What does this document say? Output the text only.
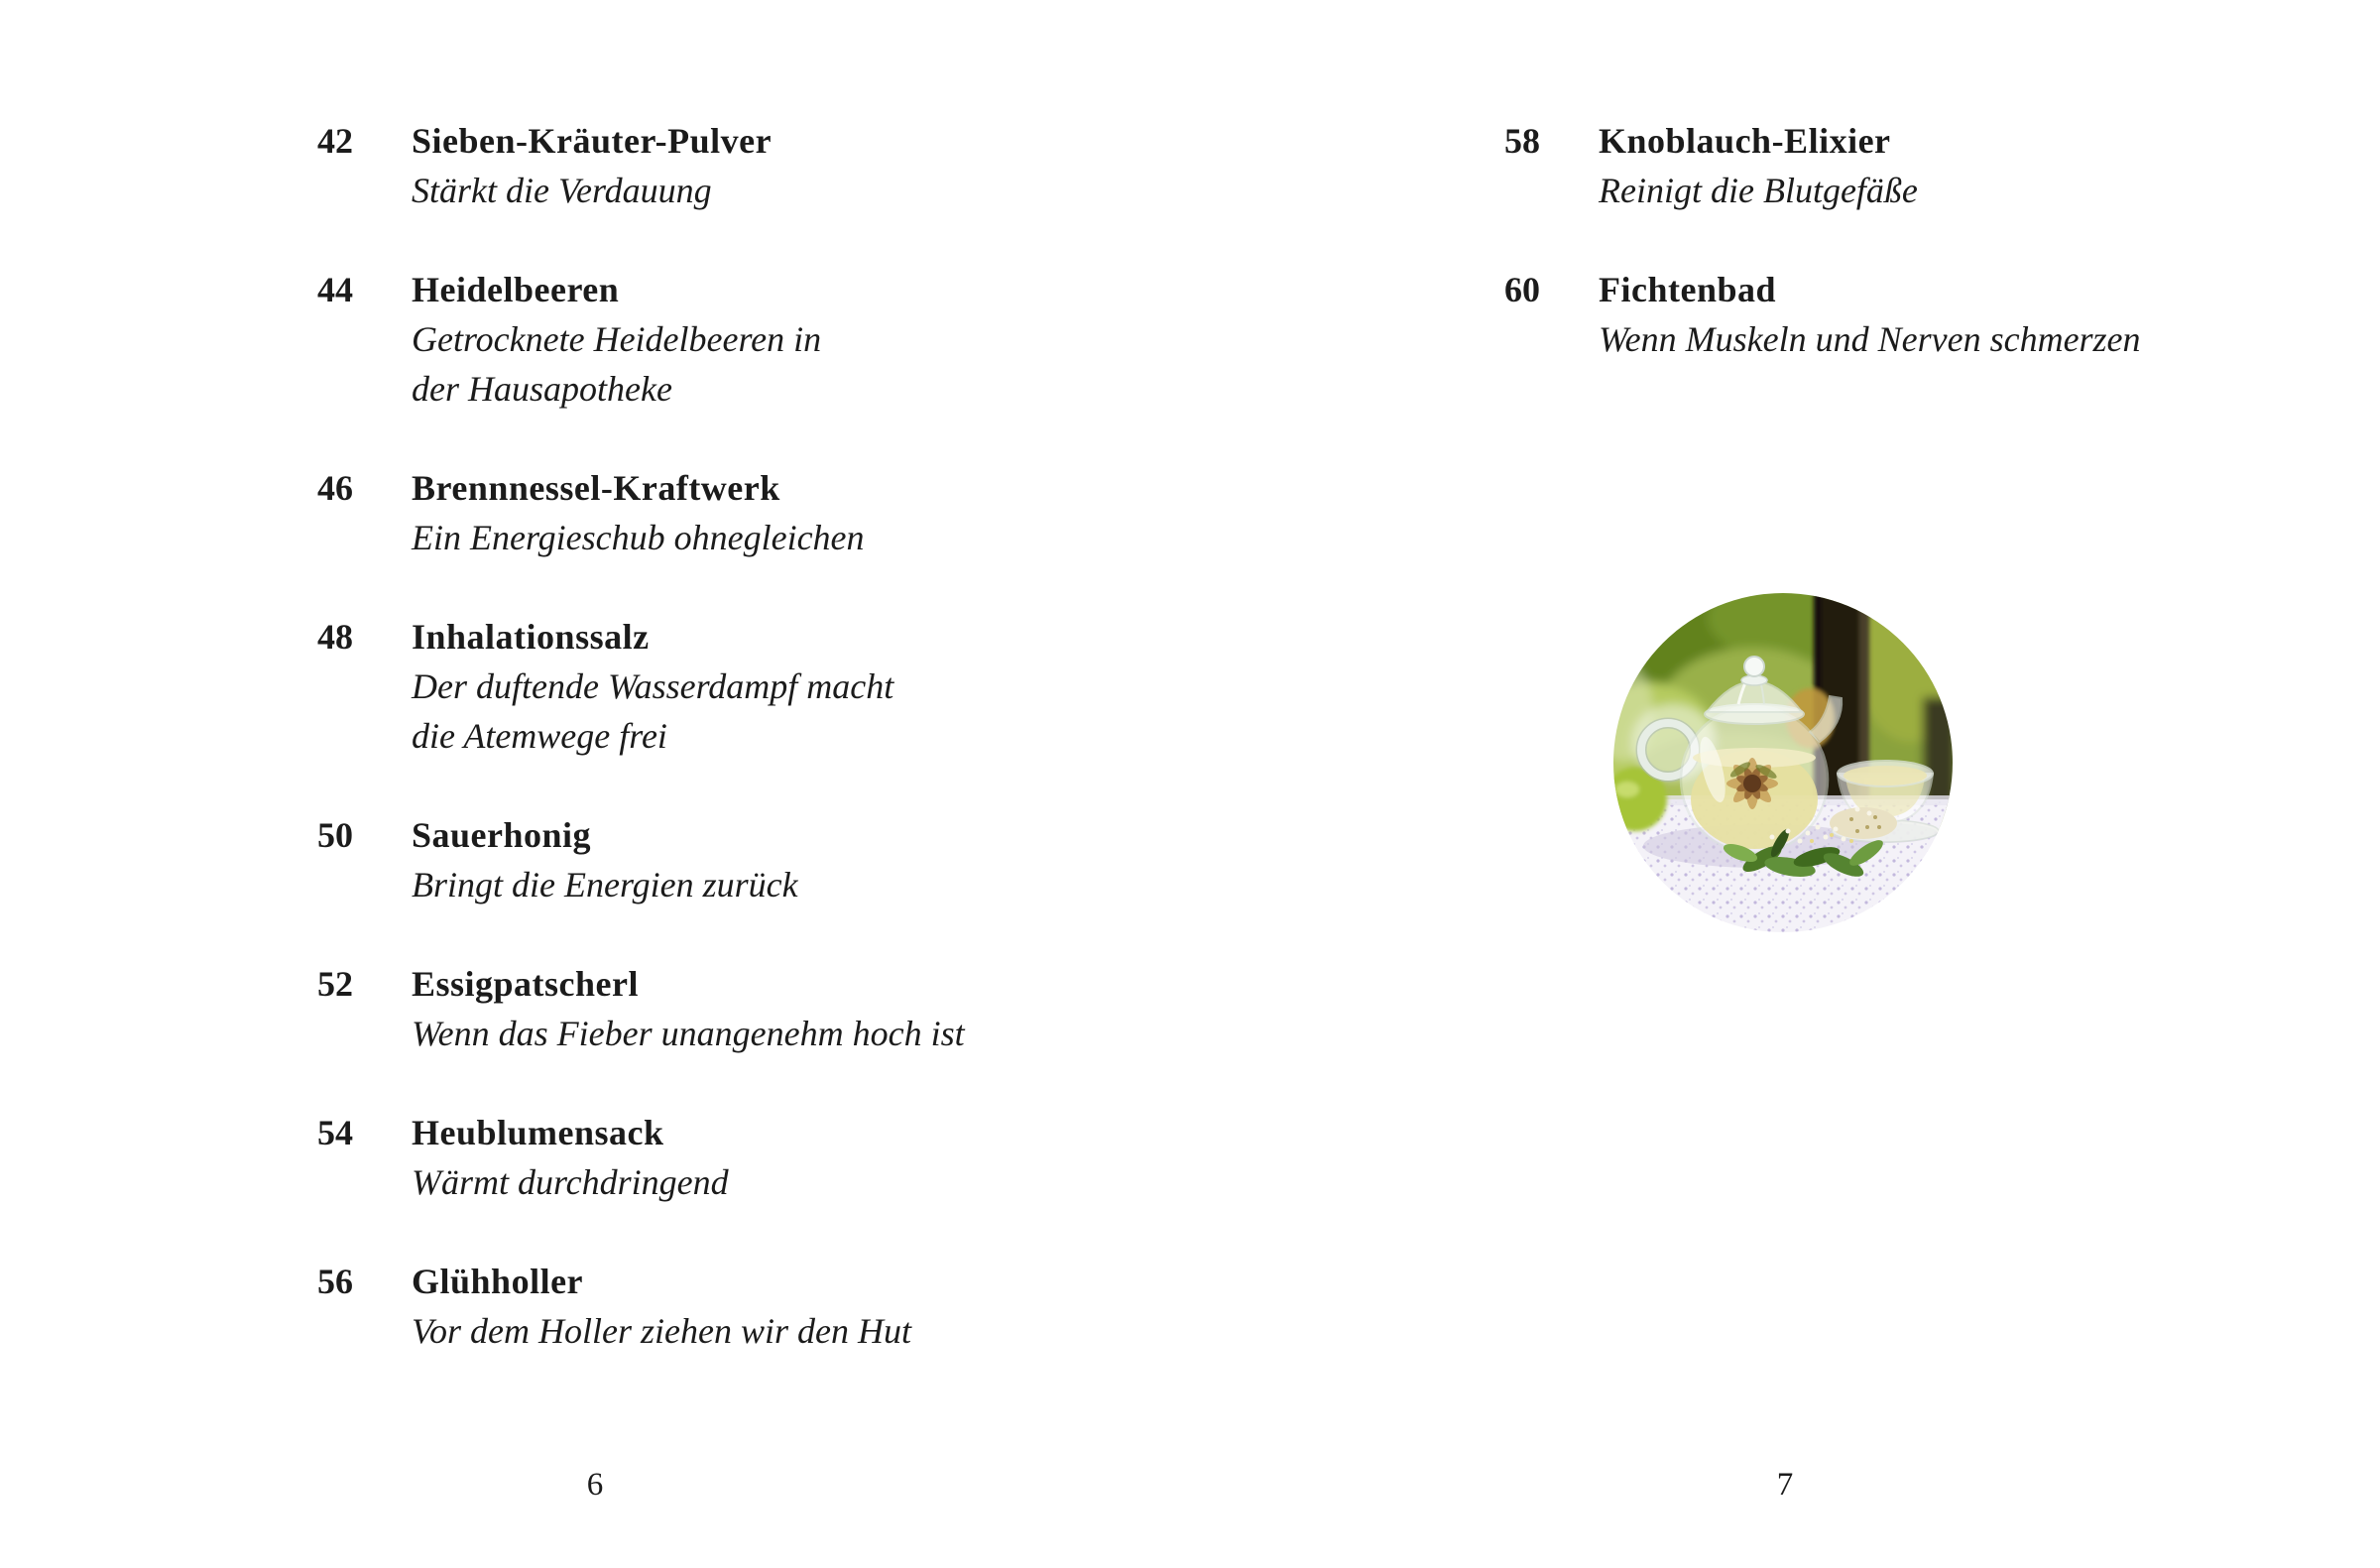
42	Sieben-Kräuter-Pulver
Stärkt die Verdauung
44	Heidelbeeren
Getrocknete Heidelbeeren in
der Hausapotheke
46	Brennnessel-Kraftwerk
Ein Energieschub ohnegleichen
48	Inhalationssalz
Der duftende Wasserdampf macht
die Atemwege frei
50	Sauerhonig
Bringt die Energien zurück
52	Essigpatscherl
Wenn das Fieber unangenehm hoch ist
54	Heublumensack
Wärmt durchdringend
56	Glühholler
Vor dem Holler ziehen wir den Hut
6
58	Knoblauch-Elixier
Reinigt die Blutgefäße
60	Fichtenbad
Wenn Muskeln und Nerven schmerzen
7
